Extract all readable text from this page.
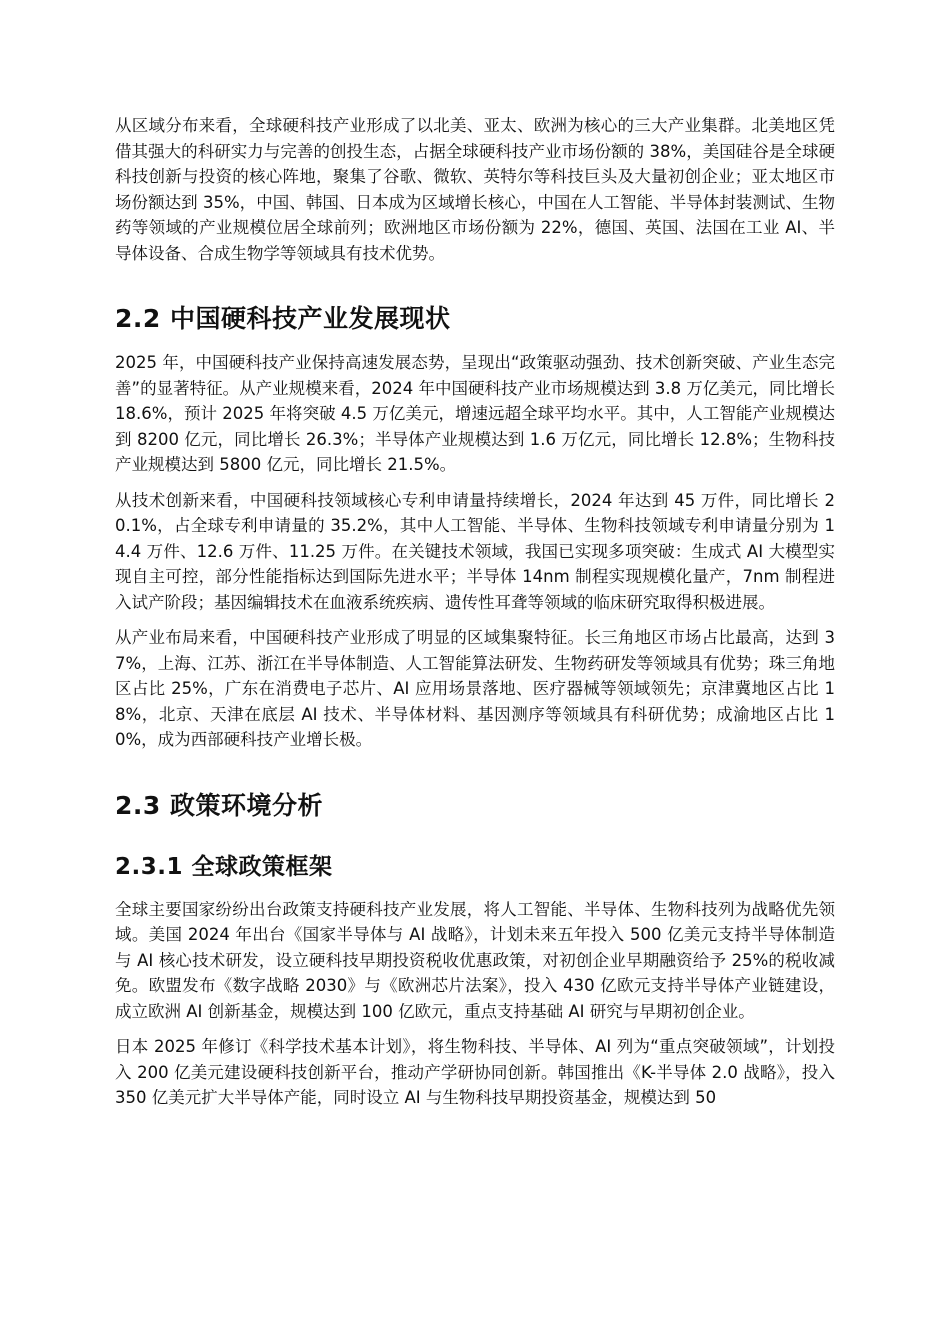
从区域分布来看，全球硬科技产业形成了以北美、亚太、欧洲为核心的三大产业集群。北美地区凭借其强大的科研实力与完善的创投生态，占据全球硬科技产业市场份额的 38%，美国硅谷是全球硬科技创新与投资的核心阵地，聚集了谷歌、微软、英特尔等科技巨头及大量初创企业；亚太地区市场份额达到 35%，中国、韩国、日本成为区域增长核心，中国在人工智能、半导体封装测试、生物药等领域的产业规模位居全球前列；欧洲地区市场份额为 22%，德国、英国、法国在工业 AI、半导体设备、合成生物学等领域具有技术优势。

2.2 中国硬科技产业发展现状

2025 年，中国硬科技产业保持高速发展态势，呈现出“政策驱动强劲、技术创新突破、产业生态完善”的显著特征。从产业规模来看，2024 年中国硬科技产业市场规模达到 3.8 万亿美元，同比增长 18.6%，预计 2025 年将突破 4.5 万亿美元，增速远超全球平均水平。其中，人工智能产业规模达到 8200 亿元，同比增长 26.3%；半导体产业规模达到 1.6 万亿元，同比增长 12.8%；生物科技产业规模达到 5800 亿元，同比增长 21.5%。

从技术创新来看，中国硬科技领域核心专利申请量持续增长，2024 年达到 45 万件，同比增长 20.1%，占全球专利申请量的 35.2%，其中人工智能、半导体、生物科技领域专利申请量分别为 14.4 万件、12.6 万件、11.25 万件。在关键技术领域，我国已实现多项突破：生成式 AI 大模型实现自主可控，部分性能指标达到国际先进水平；半导体 14nm 制程实现规模化量产，7nm 制程进入试产阶段；基因编辑技术在血液系统疾病、遗传性耳聋等领域的临床研究取得积极进展。

从产业布局来看，中国硬科技产业形成了明显的区域集聚特征。长三角地区市场占比最高，达到 37%，上海、江苏、浙江在半导体制造、人工智能算法研发、生物药研发等领域具有优势；珠三角地区占比 25%，广东在消费电子芯片、AI 应用场景落地、医疗器械等领域领先；京津冀地区占比 18%，北京、天津在底层 AI 技术、半导体材料、基因测序等领域具有科研优势；成渝地区占比 10%，成为西部硬科技产业增长极。

2.3 政策环境分析
2.3.1 全球政策框架

全球主要国家纷纷出台政策支持硬科技产业发展，将人工智能、半导体、生物科技列为战略优先领域。美国 2024 年出台《国家半导体与 AI 战略》，计划未来五年投入 500 亿美元支持半导体制造与 AI 核心技术研发，设立硬科技早期投资税收优惠政策，对初创企业早期融资给予 25%的税收减免。欧盟发布《数字战略 2030》与《欧洲芯片法案》，投入 430 亿欧元支持半导体产业链建设，成立欧洲 AI 创新基金，规模达到 100 亿欧元，重点支持基础 AI 研究与早期初创企业。

日本 2025 年修订《科学技术基本计划》，将生物科技、半导体、AI 列为“重点突破领域”，计划投入 200 亿美元建设硬科技创新平台，推动产学研协同创新。韩国推出《K-半导体 2.0 战略》，投入 350 亿美元扩大半导体产能，同时设立 AI 与生物科技早期投资基金，规模达到 50
